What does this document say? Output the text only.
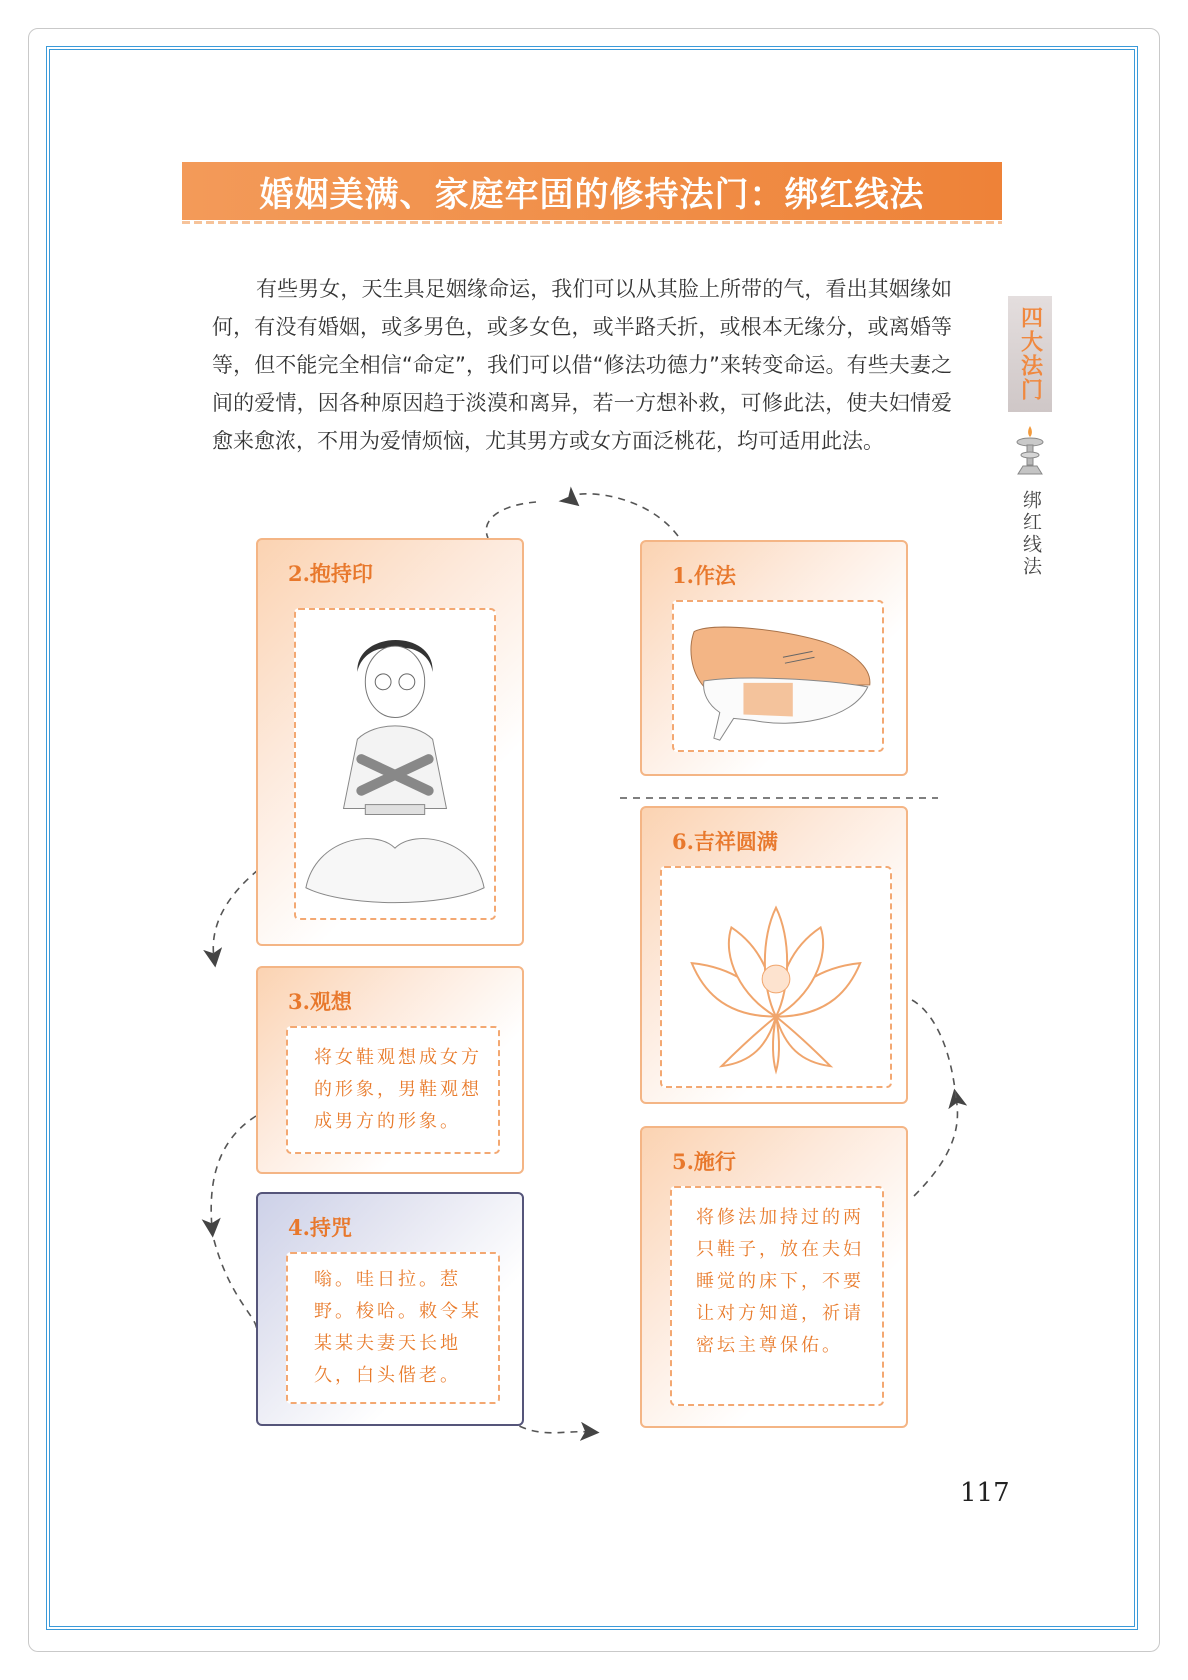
婚姻美满、家庭牢固的修持法门：绑红线法

有些男女，天生具足姻缘命运，我们可以从其脸上所带的气，看出其姻缘如何，有没有婚姻，或多男色，或多女色，或半路夭折，或根本无缘分，或离婚等等，但不能完全相信“命定”，我们可以借“修法功德力”来转变命运。有些夫妻之间的爱情，因各种原因趋于淡漠和离异，若一方想补救，可修此法，使夫妇情爱愈来愈浓，不用为爱情烦恼，尤其男方或女方面泛桃花，均可适用此法。

四大法门
绑红线法
2.抱持印	1.作法
6.吉祥圆满
3.观想
将女鞋观想成女方的形象，男鞋观想成男方的形象。
4.持咒
嗡。哇日拉。惹野。梭哈。敕令某某某夫妻天长地久，白头偕老。
5.施行
将修法加持过的两只鞋子，放在夫妇睡觉的床下，不要让对方知道，祈请密坛主尊保佑。
117
